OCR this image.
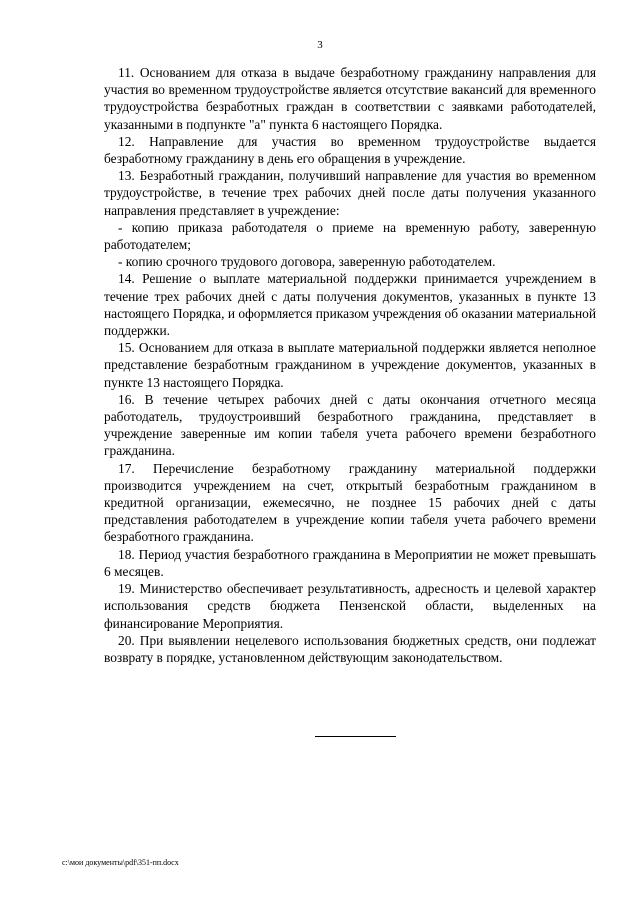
3

11. Основанием для отказа в выдаче безработному гражданину направления для участия во временном трудоустройстве является отсутствие вакансий для временного трудоустройства безработных граждан в соответствии с заявками работодателей, указанными в подпункте "а" пункта 6 настоящего Порядка.

12. Направление для участия во временном трудоустройстве выдается безработному гражданину в день его обращения в учреждение.

13. Безработный гражданин, получивший направление для участия во временном трудоустройстве, в течение трех рабочих дней после даты получения указанного направления представляет в учреждение:

- копию приказа работодателя о приеме на временную работу, заверенную работодателем;

- копию срочного трудового договора, заверенную работодателем.

14. Решение о выплате материальной поддержки принимается учреждением в течение трех рабочих дней с даты получения документов, указанных в пункте 13 настоящего Порядка, и оформляется приказом учреждения об оказании материальной поддержки.

15. Основанием для отказа в выплате материальной поддержки является неполное представление безработным гражданином в учреждение документов, указанных в пункте 13 настоящего Порядка.

16. В течение четырех рабочих дней с даты окончания отчетного месяца работодатель, трудоустроивший безработного гражданина, представляет в учреждение заверенные им копии табеля учета рабочего времени безработного гражданина.

17. Перечисление безработному гражданину материальной поддержки производится учреждением на счет, открытый безработным гражданином в кредитной организации, ежемесячно, не позднее 15 рабочих дней с даты представления работодателем в учреждение копии табеля учета рабочего времени безработного гражданина.

18. Период участия безработного гражданина в Мероприятии не может превышать 6 месяцев.

19. Министерство обеспечивает результативность, адресность и целевой характер использования средств бюджета Пензенской области, выделенных на финансирование Мероприятия.

20. При выявлении нецелевого использования бюджетных средств, они подлежат возврату в порядке, установленном действующим законодательством.

c:\мои документы\pdf\351-пп.docx
